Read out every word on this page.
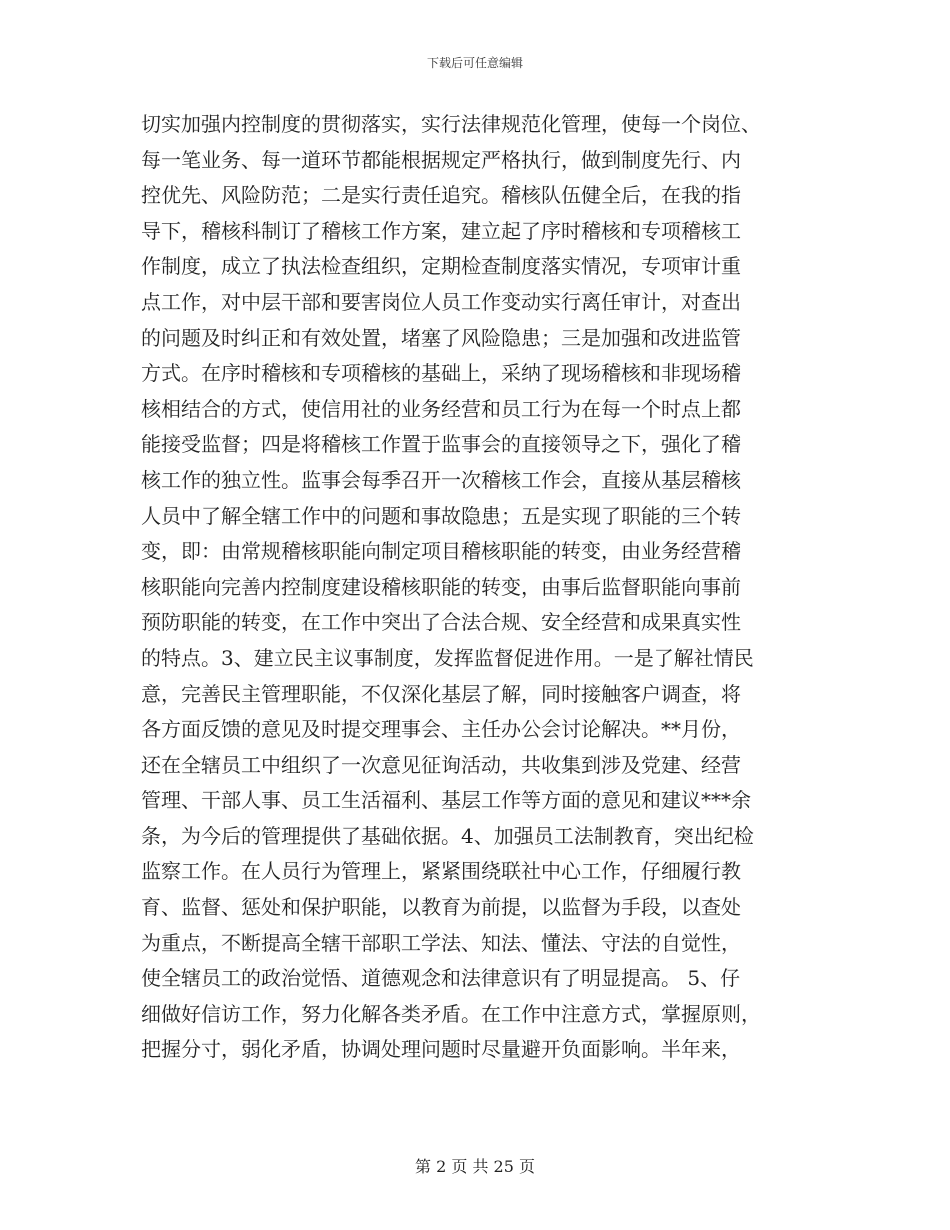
下载后可任意编辑
切实加强内控制度的贯彻落实，实行法律规范化管理，使每一个岗位、
每一笔业务、每一道环节都能根据规定严格执行，做到制度先行、内
控优先、风险防范；二是实行责任追究。稽核队伍健全后，在我的指
导下，稽核科制订了稽核工作方案，建立起了序时稽核和专项稽核工
作制度，成立了执法检查组织，定期检查制度落实情况，专项审计重
点工作，对中层干部和要害岗位人员工作变动实行离任审计，对查出
的问题及时纠正和有效处置，堵塞了风险隐患；三是加强和改进监管
方式。在序时稽核和专项稽核的基础上，采纳了现场稽核和非现场稽
核相结合的方式，使信用社的业务经营和员工行为在每一个时点上都
能接受监督；四是将稽核工作置于监事会的直接领导之下，强化了稽
核工作的独立性。监事会每季召开一次稽核工作会，直接从基层稽核
人员中了解全辖工作中的问题和事故隐患；五是实现了职能的三个转
变，即：由常规稽核职能向制定项目稽核职能的转变，由业务经营稽
核职能向完善内控制度建设稽核职能的转变，由事后监督职能向事前
预防职能的转变，在工作中突出了合法合规、安全经营和成果真实性
的特点。3、建立民主议事制度，发挥监督促进作用。一是了解社情民
意，完善民主管理职能，不仅深化基层了解，同时接触客户调查，将
各方面反馈的意见及时提交理事会、主任办公会讨论解决。**月份，
还在全辖员工中组织了一次意见征询活动，共收集到涉及党建、经营
管理、干部人事、员工生活福利、基层工作等方面的意见和建议***余
条，为今后的管理提供了基础依据。4、加强员工法制教育，突出纪检
监察工作。在人员行为管理上，紧紧围绕联社中心工作，仔细履行教
育、监督、惩处和保护职能，以教育为前提，以监督为手段，以查处
为重点，不断提高全辖干部职工学法、知法、懂法、守法的自觉性，
使全辖员工的政治觉悟、道德观念和法律意识有了明显提高。 5、仔
细做好信访工作，努力化解各类矛盾。在工作中注意方式，掌握原则，
把握分寸，弱化矛盾，协调处理问题时尽量避开负面影响。半年来，
第 2 页 共 25 页
